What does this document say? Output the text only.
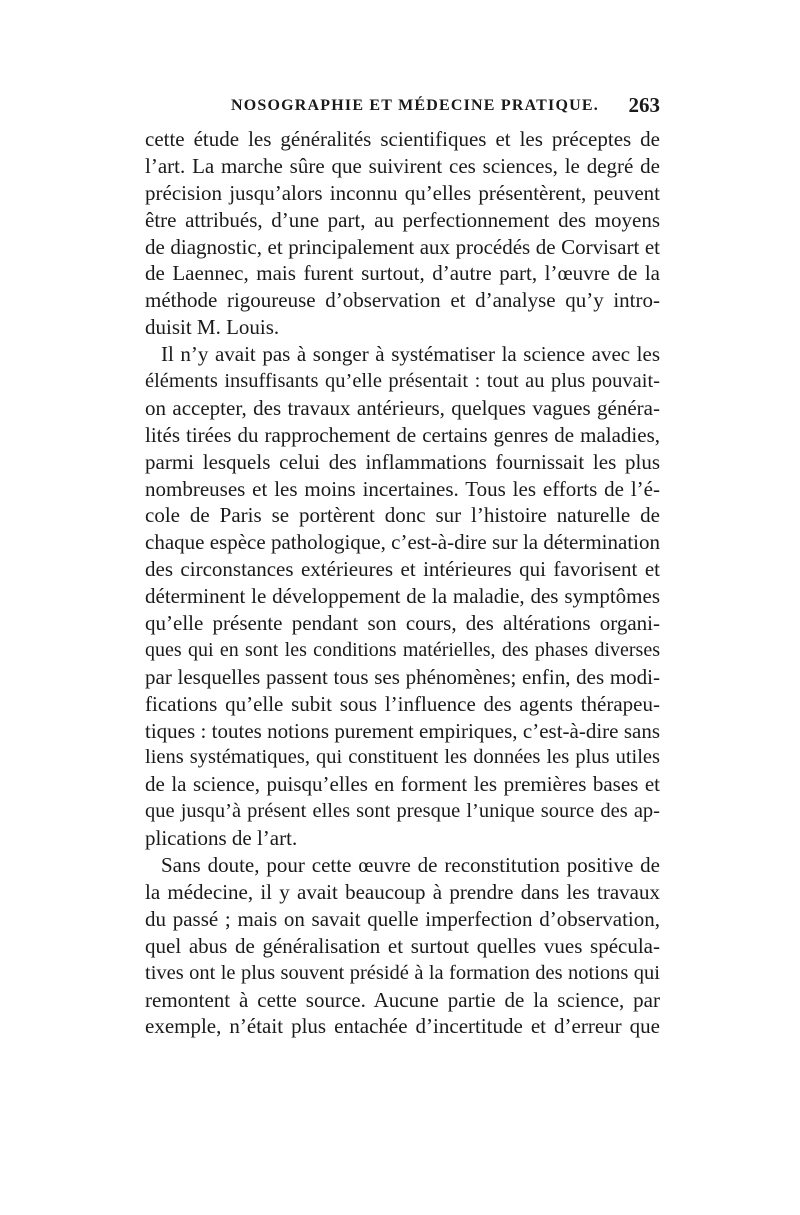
NOSOGRAPHIE ET MÉDECINE PRATIQUE. 263
cette étude les généralités scientifiques et les préceptes de
l’art. La marche sûre que suivirent ces sciences, le degré de
précision jusqu’alors inconnu qu’elles présentèrent, peuvent
être attribués, d’une part, au perfectionnement des moyens
de diagnostic, et principalement aux procédés de Corvisart et
de Laennec, mais furent surtout, d’autre part, l’œuvre de la
méthode rigoureuse d’observation et d’analyse qu’y intro-
duisit M. Louis.
Il n’y avait pas à songer à systématiser la science avec les
éléments insuffisants qu’elle présentait : tout au plus pouvait-
on accepter, des travaux antérieurs, quelques vagues généra-
lités tirées du rapprochement de certains genres de maladies,
parmi lesquels celui des inflammations fournissait les plus
nombreuses et les moins incertaines. Tous les efforts de l’é-
cole de Paris se portèrent donc sur l’histoire naturelle de
chaque espèce pathologique, c’est-à-dire sur la détermination
des circonstances extérieures et intérieures qui favorisent et
déterminent le développement de la maladie, des symptômes
qu’elle présente pendant son cours, des altérations organi-
ques qui en sont les conditions matérielles, des phases diverses
par lesquelles passent tous ses phénomènes; enfin, des modi-
fications qu’elle subit sous l’influence des agents thérapeu-
tiques : toutes notions purement empiriques, c’est-à-dire sans
liens systématiques, qui constituent les données les plus utiles
de la science, puisqu’elles en forment les premières bases et
que jusqu’à présent elles sont presque l’unique source des ap-
plications de l’art.
Sans doute, pour cette œuvre de reconstitution positive de
la médecine, il y avait beaucoup à prendre dans les travaux
du passé ; mais on savait quelle imperfection d’observation,
quel abus de généralisation et surtout quelles vues spécula-
tives ont le plus souvent présidé à la formation des notions qui
remontent à cette source. Aucune partie de la science, par
exemple, n’était plus entachée d’incertitude et d’erreur que
